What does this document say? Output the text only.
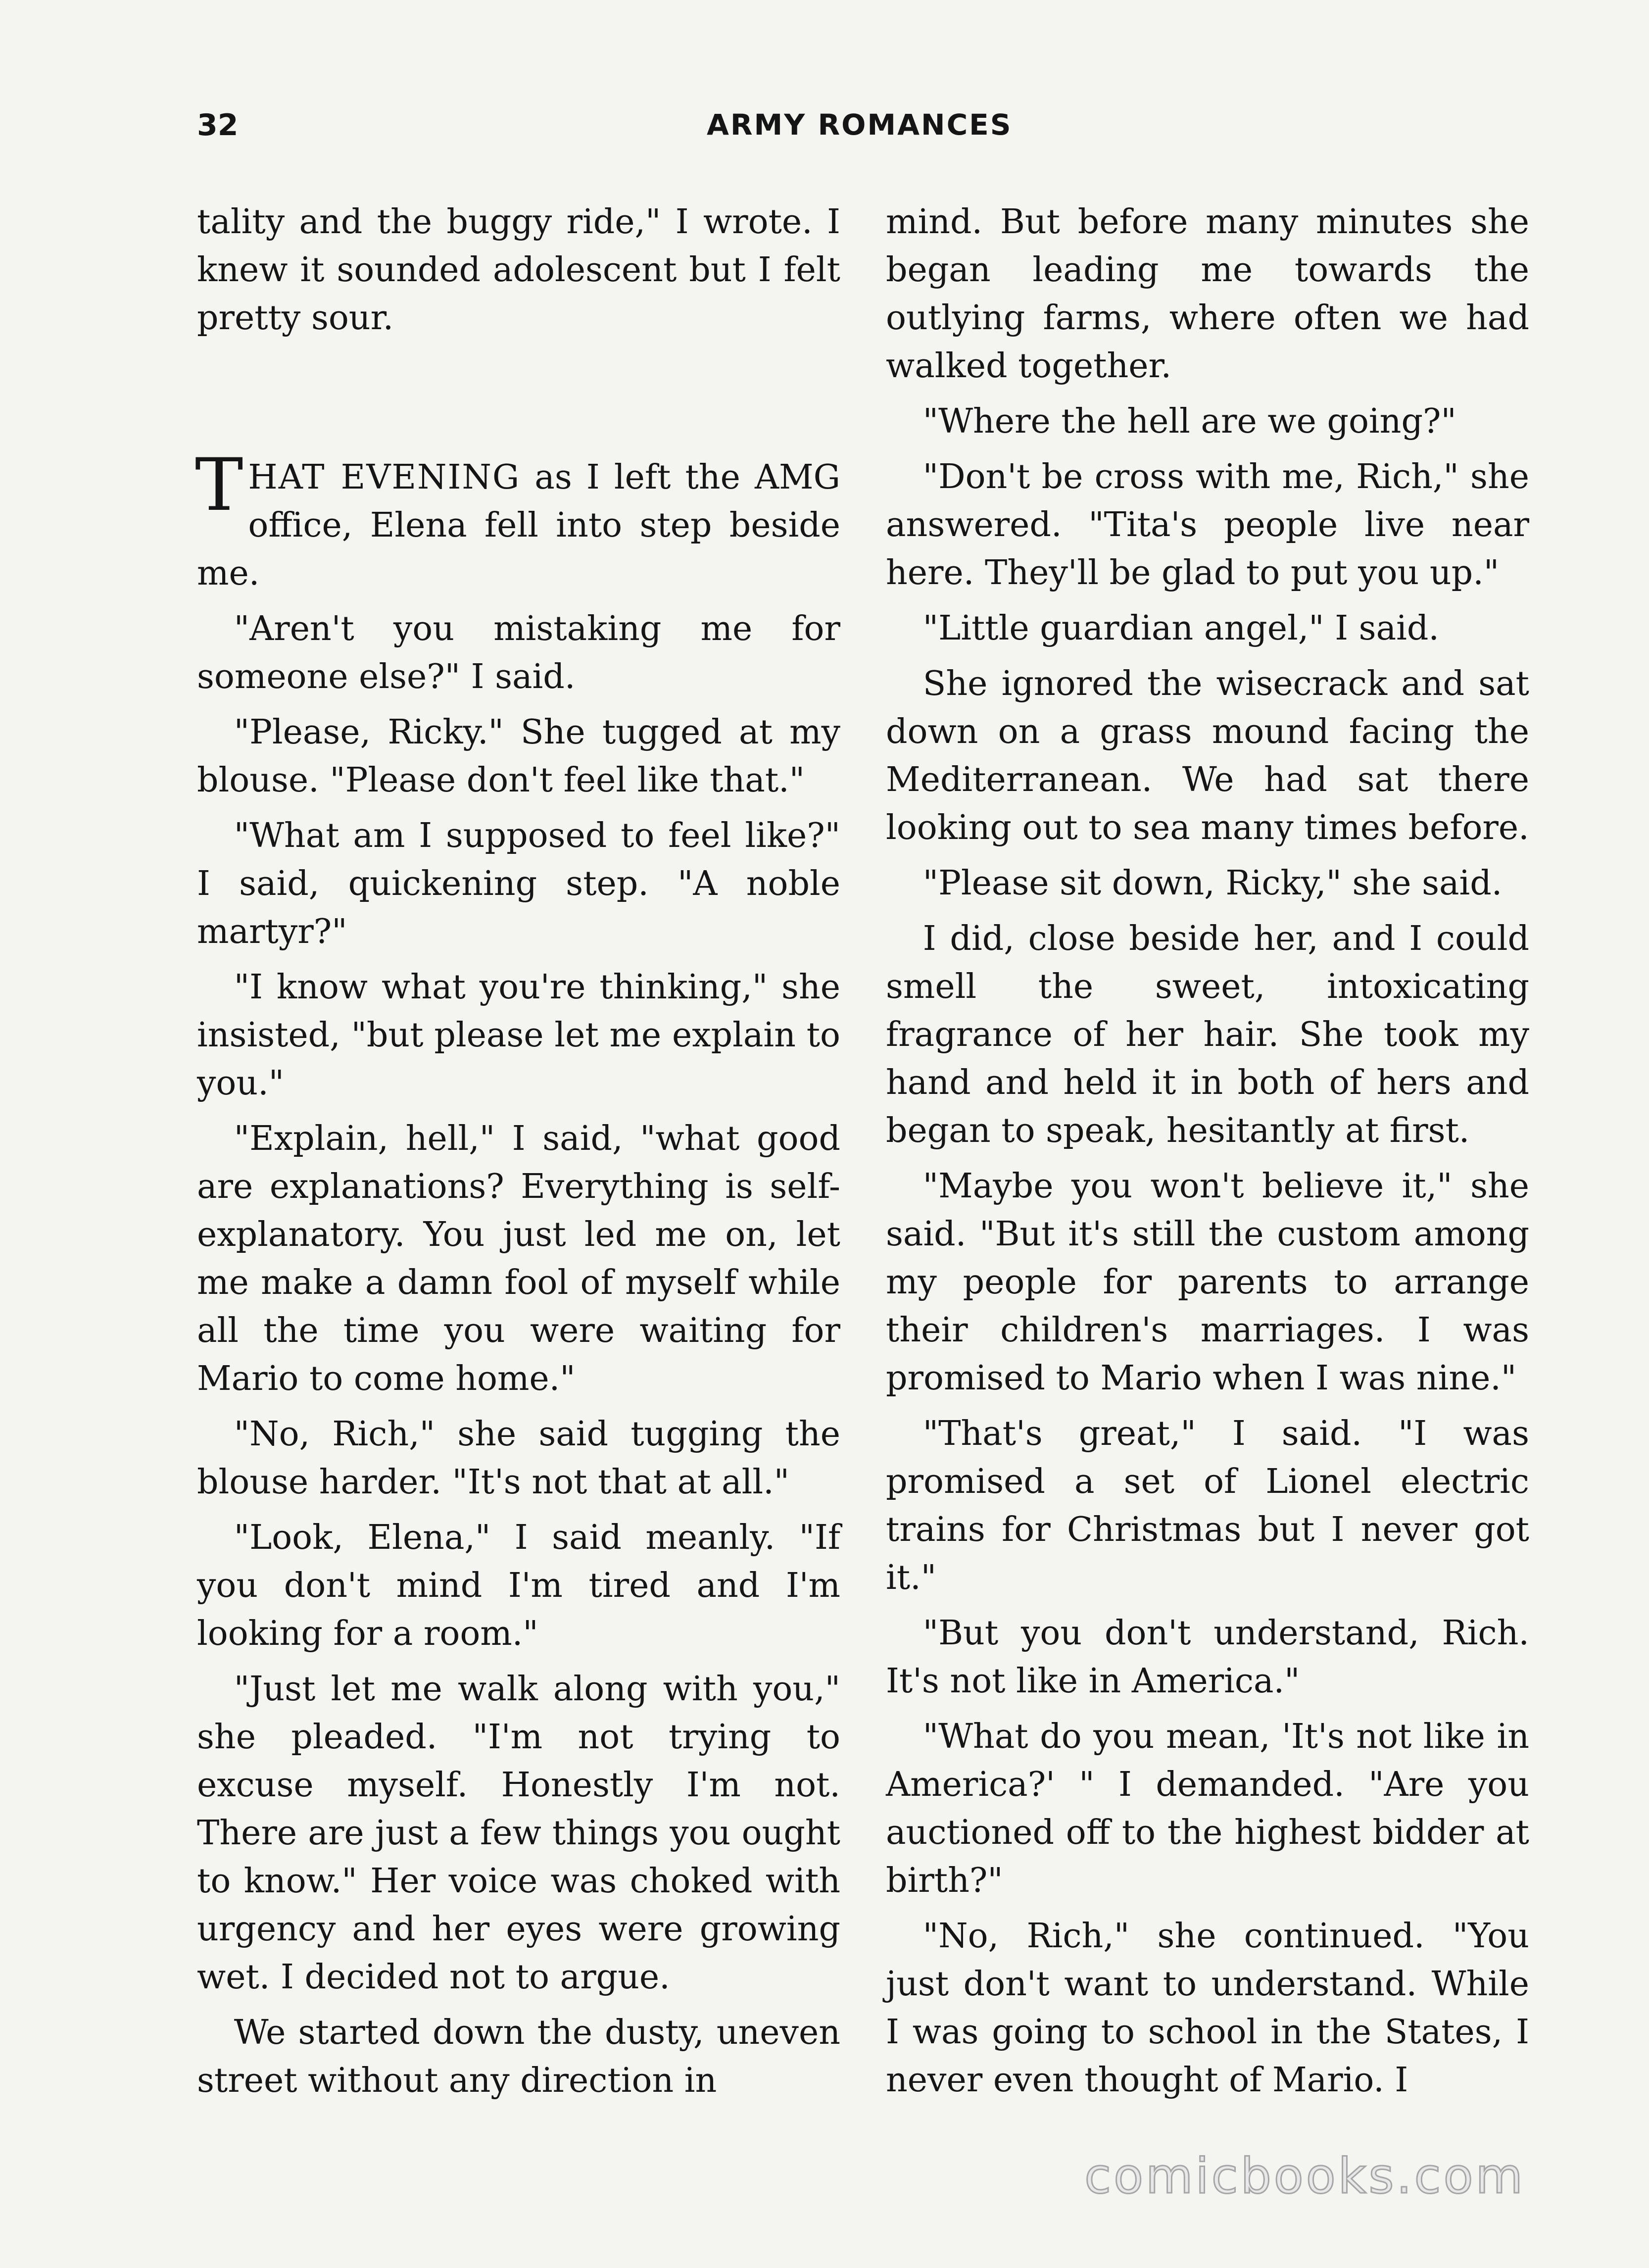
32	ARMY ROMANCES

tality and the buggy ride," I wrote. I knew it sounded adolescent but I felt pretty sour.

THAT EVENING as I left the AMG office, Elena fell into step beside me.

"Aren't you mistaking me for someone else?" I said.

"Please, Ricky." She tugged at my blouse. "Please don't feel like that."

"What am I supposed to feel like?" I said, quickening step. "A noble martyr?"

"I know what you're thinking," she insisted, "but please let me explain to you."

"Explain, hell," I said, "what good are explanations? Everything is self-explanatory. You just led me on, let me make a damn fool of myself while all the time you were waiting for Mario to come home."

"No, Rich," she said tugging the blouse harder. "It's not that at all."

"Look, Elena," I said meanly. "If you don't mind I'm tired and I'm looking for a room."

"Just let me walk along with you," she pleaded. "I'm not trying to excuse myself. Honestly I'm not. There are just a few things you ought to know." Her voice was choked with urgency and her eyes were growing wet. I decided not to argue.

We started down the dusty, uneven street without any direction in

mind. But before many minutes she began leading me towards the outlying farms, where often we had walked together.

"Where the hell are we going?"

"Don't be cross with me, Rich," she answered. "Tita's people live near here. They'll be glad to put you up."

"Little guardian angel," I said.

She ignored the wisecrack and sat down on a grass mound facing the Mediterranean. We had sat there looking out to sea many times before.

"Please sit down, Ricky," she said.

I did, close beside her, and I could smell the sweet, intoxicating fragrance of her hair. She took my hand and held it in both of hers and began to speak, hesitantly at first.

"Maybe you won't believe it," she said. "But it's still the custom among my people for parents to arrange their children's marriages. I was promised to Mario when I was nine."

"That's great," I said. "I was promised a set of Lionel electric trains for Christmas but I never got it."

"But you don't understand, Rich. It's not like in America."

"What do you mean, 'It's not like in America?' " I demanded. "Are you auctioned off to the highest bidder at birth?"

"No, Rich," she continued. "You just don't want to understand. While I was going to school in the States, I never even thought of Mario. I

comicbooks.com
